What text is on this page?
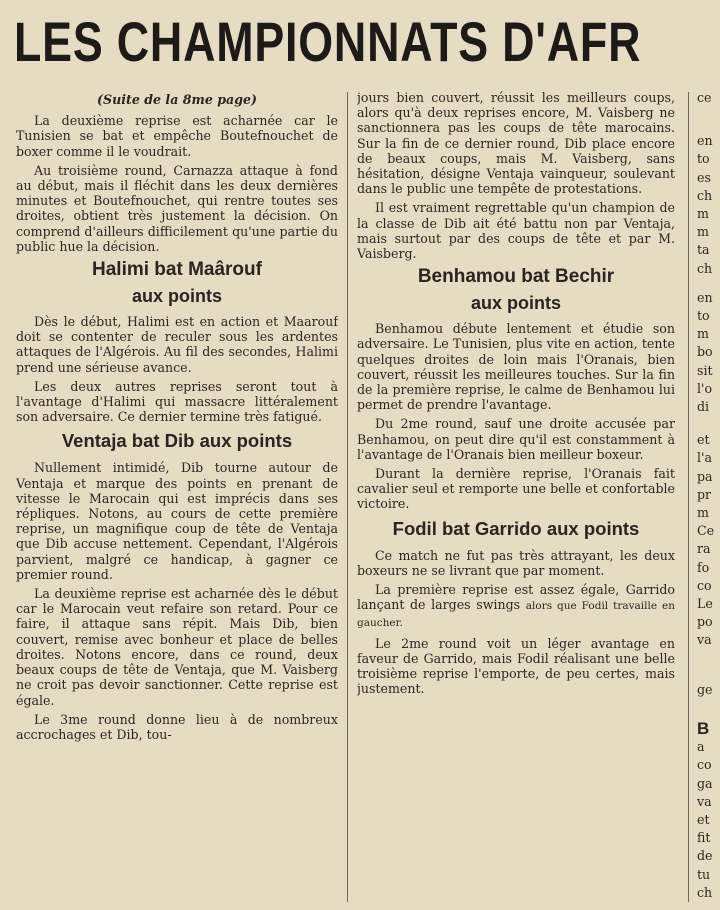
LES CHAMPIONNATS D'AFR

(Suite de la 8me page)

La deuxième reprise est acharnée car le Tunisien se bat et empêche Boutefnouchet de boxer comme il le voudrait.

Au troisième round, Carnazza attaque à fond au début, mais il fléchit dans les deux dernières minutes et Boutefnouchet, qui rentre toutes ses droites, obtient très justement la décision. On comprend d'ailleurs difficilement qu'une partie du public hue la décision.

Halimi bat Maârouf
aux points

Dès le début, Halimi est en action et Maarouf doit se contenter de reculer sous les ardentes attaques de l'Algérois. Au fil des secondes, Halimi prend une sérieuse avance.

Les deux autres reprises seront tout à l'avantage d'Halimi qui massacre littéralement son adversaire. Ce dernier termine très fatigué.

Ventaja bat Dib aux points

Nullement intimidé, Dib tourne autour de Ventaja et marque des points en prenant de vitesse le Marocain qui est imprécis dans ses répliques. Notons, au cours de cette première reprise, un magnifique coup de tête de Ventaja que Dib accuse nettement. Cependant, l'Algérois parvient, malgré ce handicap, à gagner ce premier round.

La deuxième reprise est acharnée dès le début car le Marocain veut refaire son retard. Pour ce faire, il attaque sans répit. Mais Dib, bien couvert, remise avec bonheur et place de belles droites. Notons encore, dans ce round, deux beaux coups de tête de Ventaja, que M. Vaisberg ne croit pas devoir sanctionner. Cette reprise est égale.

Le 3me round donne lieu à de nombreux accrochages et Dib, tou-

jours bien couvert, réussit les meilleurs coups, alors qu'à deux reprises encore, M. Vaisberg ne sanctionnera pas les coups de tête marocains. Sur la fin de ce dernier round, Dib place encore de beaux coups, mais M. Vaisberg, sans hésitation, désigne Ventaja vainqueur, soulevant dans le public une tempête de protestations.

Il est vraiment regrettable qu'un champion de la classe de Dib ait été battu non par Ventaja, mais surtout par des coups de tête et par M. Vaisberg.

Benhamou bat Bechir
aux points

Benhamou débute lentement et étudie son adversaire. Le Tunisien, plus vite en action, tente quelques droites de loin mais l'Oranais, bien couvert, réussit les meilleures touches. Sur la fin de la première reprise, le calme de Benhamou lui permet de prendre l'avantage.

Du 2me round, sauf une droite accusée par Benhamou, on peut dire qu'il est constamment à l'avantage de l'Oranais bien meilleur boxeur.

Durant la dernière reprise, l'Oranais fait cavalier seul et remporte une belle et confortable victoire.

Fodil bat Garrido aux points

Ce match ne fut pas très attrayant, les deux boxeurs ne se livrant que par moment.

La première reprise est assez égale, Garrido lançant de larges swings alors que Fodil travaille en gaucher.

Le 2me round voit un léger avantage en faveur de Garrido, mais Fodil réalisant une belle troisième reprise l'emporte, de peu certes, mais justement.

ce
en
to
es
ch
m
m
ta
ch
en
to
m
bo
sit
l'o
di
et
l'a
pa
pr
m
Ce
ra
fo
co
Le
po
va
ge
B
a
co
ga
va
et
fit
de
tu
ch
